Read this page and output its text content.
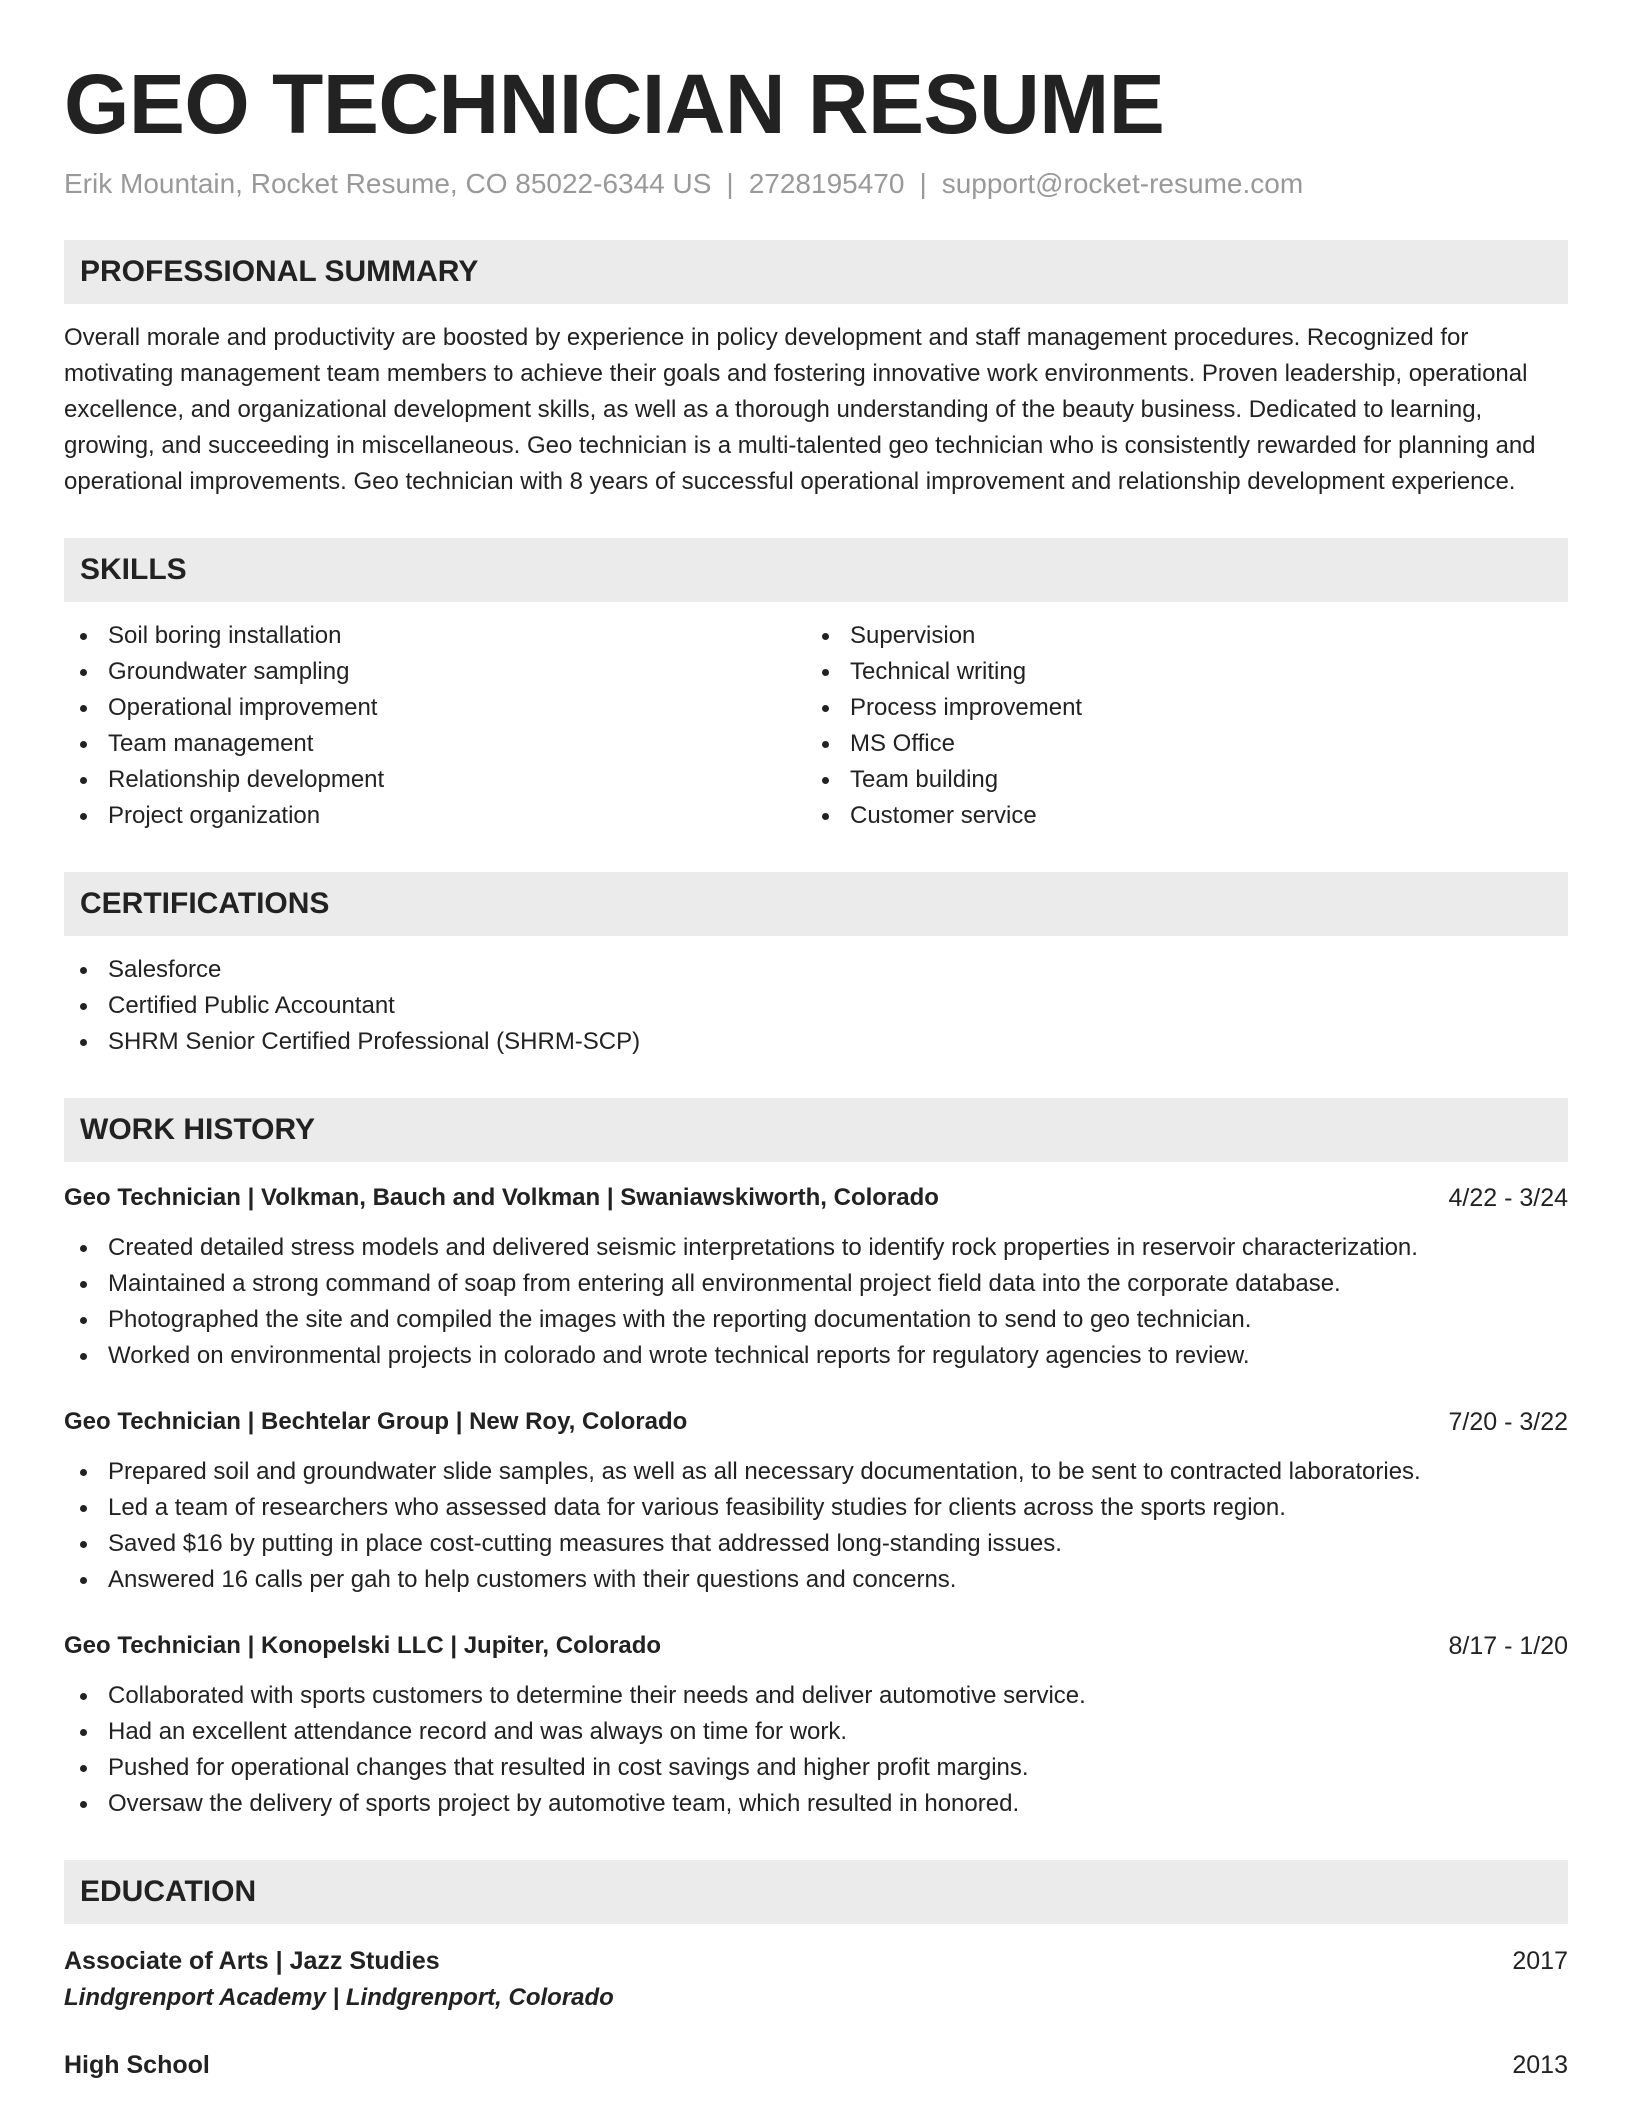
GEO TECHNICIAN RESUME
Erik Mountain, Rocket Resume, CO 85022-6344 US | 2728195470 | support@rocket-resume.com
PROFESSIONAL SUMMARY

Overall morale and productivity are boosted by experience in policy development and staff management procedures. Recognized for motivating management team members to achieve their goals and fostering innovative work environments. Proven leadership, operational excellence, and organizational development skills, as well as a thorough understanding of the beauty business. Dedicated to learning, growing, and succeeding in miscellaneous. Geo technician is a multi-talented geo technician who is consistently rewarded for planning and operational improvements. Geo technician with 8 years of successful operational improvement and relationship development experience.

SKILLS
Soil boring installation
Groundwater sampling
Operational improvement
Team management
Relationship development
Project organization
Supervision
Technical writing
Process improvement
MS Office
Team building
Customer service
CERTIFICATIONS
Salesforce
Certified Public Accountant
SHRM Senior Certified Professional (SHRM-SCP)
WORK HISTORY
Geo Technician | Volkman, Bauch and Volkman | Swaniawskiworth, Colorado	4/22 - 3/24
Created detailed stress models and delivered seismic interpretations to identify rock properties in reservoir characterization.
Maintained a strong command of soap from entering all environmental project field data into the corporate database.
Photographed the site and compiled the images with the reporting documentation to send to geo technician.
Worked on environmental projects in colorado and wrote technical reports for regulatory agencies to review.
Geo Technician | Bechtelar Group | New Roy, Colorado	7/20 - 3/22
Prepared soil and groundwater slide samples, as well as all necessary documentation, to be sent to contracted laboratories.
Led a team of researchers who assessed data for various feasibility studies for clients across the sports region.
Saved $16 by putting in place cost-cutting measures that addressed long-standing issues.
Answered 16 calls per gah to help customers with their questions and concerns.
Geo Technician | Konopelski LLC | Jupiter, Colorado	8/17 - 1/20
Collaborated with sports customers to determine their needs and deliver automotive service.
Had an excellent attendance record and was always on time for work.
Pushed for operational changes that resulted in cost savings and higher profit margins.
Oversaw the delivery of sports project by automotive team, which resulted in honored.
EDUCATION
Associate of Arts | Jazz Studies	2017
Lindgrenport Academy | Lindgrenport, Colorado
High School	2013
